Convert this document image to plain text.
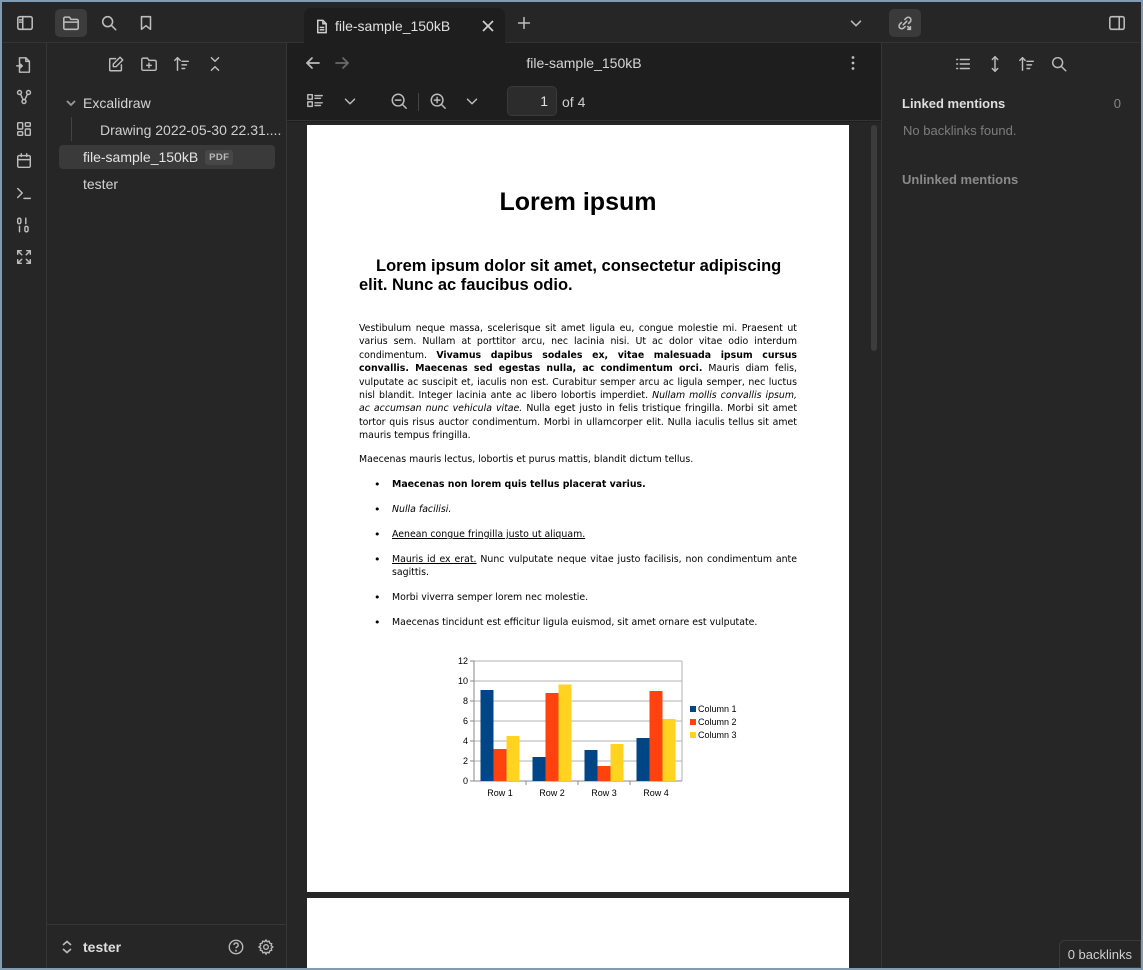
file-sample_150kB
Excalidraw
Drawing 2022-05-30 22.31....
file-sample_150kB	PDF
tester
tester
file-sample_150kB
1
of 4
Lorem ipsum
Lorem ipsum dolor sit amet, consectetur adipiscing elit. Nunc ac faucibus odio.
Vestibulum neque massa, scelerisque sit amet ligula eu, congue molestie mi. Praesent ut varius sem. Nullam at porttitor arcu, nec lacinia nisi. Ut ac dolor vitae odio interdum condimentum. Vivamus dapibus sodales ex, vitae malesuada ipsum cursus convallis. Maecenas sed egestas nulla, ac condimentum orci. Mauris diam felis, vulputate ac suscipit et, iaculis non est. Curabitur semper arcu ac ligula semper, nec luctus nisl blandit. Integer lacinia ante ac libero lobortis imperdiet. Nullam mollis convallis ipsum, ac accumsan nunc vehicula vitae. Nulla eget justo in felis tristique fringilla. Morbi sit amet tortor quis risus auctor condimentum. Morbi in ullamcorper elit. Nulla iaculis tellus sit amet mauris tempus fringilla.
Maecenas mauris lectus, lobortis et purus mattis, blandit dictum tellus.
• Maecenas non lorem quis tellus placerat varius.
• Nulla facilisi.
• Aenean congue fringilla justo ut aliquam.
• Mauris id ex erat. Nunc vulputate neque vitae justo facilisis, non condimentum ante sagittis.
• Morbi viverra semper lorem nec molestie.
• Maecenas tincidunt est efficitur ligula euismod, sit amet ornare est vulputate.
0
2
4
6
8
10
12
Row 1	Row 2	Row 3	Row 4
Column 1
Column 2
Column 3
Linked mentions	0
No backlinks found.
Unlinked mentions
0 backlinks
